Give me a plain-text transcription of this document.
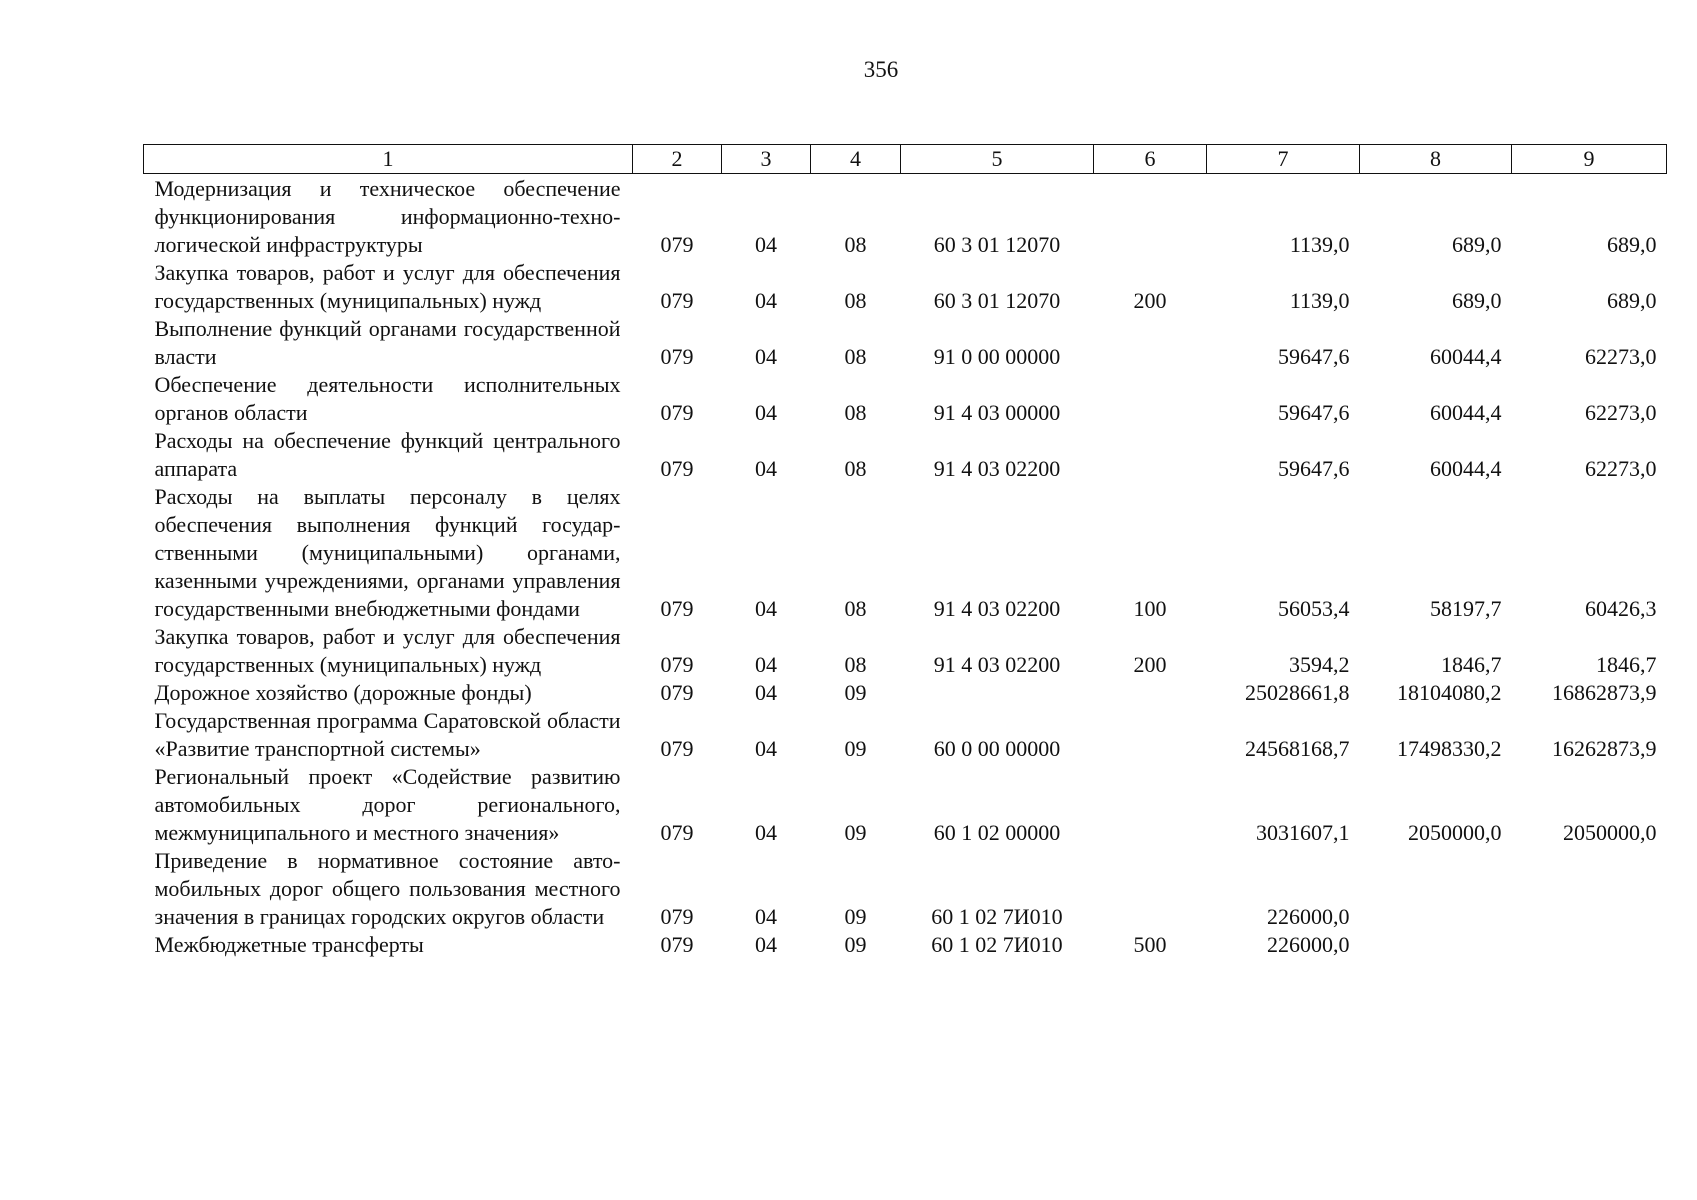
356
1	2	3	4	5	6	7	8	9
Модернизация и техническое обеспечение функционирования информационно-технологической инфраструктуры	079	04	08	60 3 01 12070		1139,0	689,0	689,0
Закупка товаров, работ и услуг для обеспечения государственных (муниципальных) нужд	079	04	08	60 3 01 12070	200	1139,0	689,0	689,0
Выполнение функций органами государственной власти	079	04	08	91 0 00 00000		59647,6	60044,4	62273,0
Обеспечение деятельности исполнительных органов области	079	04	08	91 4 03 00000		59647,6	60044,4	62273,0
Расходы на обеспечение функций центрального аппарата	079	04	08	91 4 03 02200		59647,6	60044,4	62273,0
Расходы на выплаты персоналу в целях обеспечения выполнения функций государственными (муниципальными) органами, казенными учреждениями, органами управления государственными внебюджетными фондами	079	04	08	91 4 03 02200	100	56053,4	58197,7	60426,3
Закупка товаров, работ и услуг для обеспечения государственных (муниципальных) нужд	079	04	08	91 4 03 02200	200	3594,2	1846,7	1846,7
Дорожное хозяйство (дорожные фонды)	079	04	09			25028661,8	18104080,2	16862873,9
Государственная программа Саратовской области «Развитие транспортной системы»	079	04	09	60 0 00 00000		24568168,7	17498330,2	16262873,9
Региональный проект «Содействие развитию автомобильных дорог регионального, межмуниципального и местного значения»	079	04	09	60 1 02 00000		3031607,1	2050000,0	2050000,0
Приведение в нормативное состояние автомобильных дорог общего пользования местного значения в границах городских округов области	079	04	09	60 1 02 7И010		226000,0		
Межбюджетные трансферты	079	04	09	60 1 02 7И010	500	226000,0		
